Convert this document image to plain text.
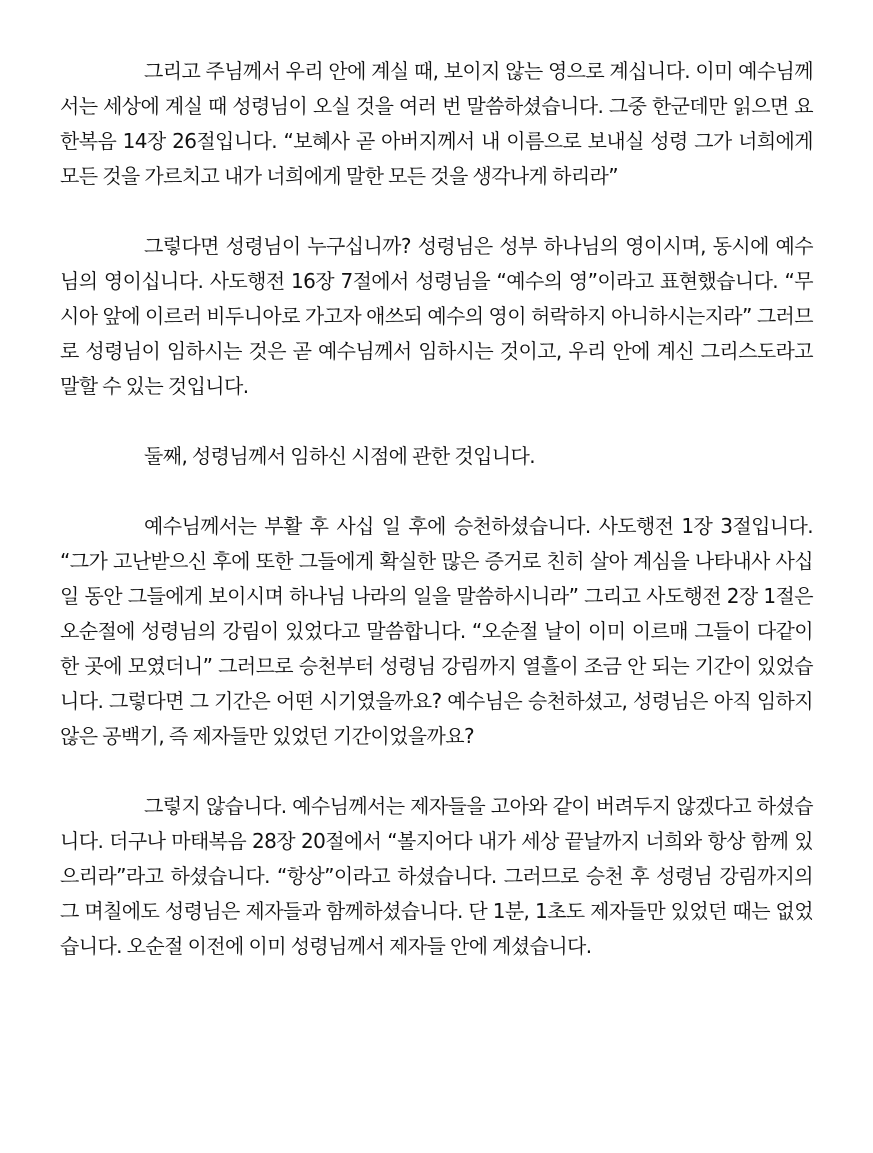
그리고 주님께서 우리 안에 계실 때, 보이지 않는 영으로 계십니다. 이미 예수님께서는 세상에 계실 때 성령님이 오실 것을 여러 번 말씀하셨습니다. 그중 한군데만 읽으면 요한복음 14장 26절입니다. “보혜사 곧 아버지께서 내 이름으로 보내실 성령 그가 너희에게 모든 것을 가르치고 내가 너희에게 말한 모든 것을 생각나게 하리라”

그렇다면 성령님이 누구십니까? 성령님은 성부 하나님의 영이시며, 동시에 예수님의 영이십니다. 사도행전 16장 7절에서 성령님을 “예수의 영”이라고 표현했습니다. “무시아 앞에 이르러 비두니아로 가고자 애쓰되 예수의 영이 허락하지 아니하시는지라” 그러므로 성령님이 임하시는 것은 곧 예수님께서 임하시는 것이고, 우리 안에 계신 그리스도라고 말할 수 있는 것입니다.

둘째, 성령님께서 임하신 시점에 관한 것입니다.

예수님께서는 부활 후 사십 일 후에 승천하셨습니다. 사도행전 1장 3절입니다. “그가 고난받으신 후에 또한 그들에게 확실한 많은 증거로 친히 살아 계심을 나타내사 사십 일 동안 그들에게 보이시며 하나님 나라의 일을 말씀하시니라” 그리고 사도행전 2장 1절은 오순절에 성령님의 강림이 있었다고 말씀합니다. “오순절 날이 이미 이르매 그들이 다같이 한 곳에 모였더니” 그러므로 승천부터 성령님 강림까지 열흘이 조금 안 되는 기간이 있었습니다. 그렇다면 그 기간은 어떤 시기였을까요? 예수님은 승천하셨고, 성령님은 아직 임하지 않은 공백기, 즉 제자들만 있었던 기간이었을까요?

그렇지 않습니다. 예수님께서는 제자들을 고아와 같이 버려두지 않겠다고 하셨습니다. 더구나 마태복음 28장 20절에서 “볼지어다 내가 세상 끝날까지 너희와 항상 함께 있으리라”라고 하셨습니다. “항상”이라고 하셨습니다. 그러므로 승천 후 성령님 강림까지의 그 며칠에도 성령님은 제자들과 함께하셨습니다. 단 1분, 1초도 제자들만 있었던 때는 없었습니다. 오순절 이전에 이미 성령님께서 제자들 안에 계셨습니다.
